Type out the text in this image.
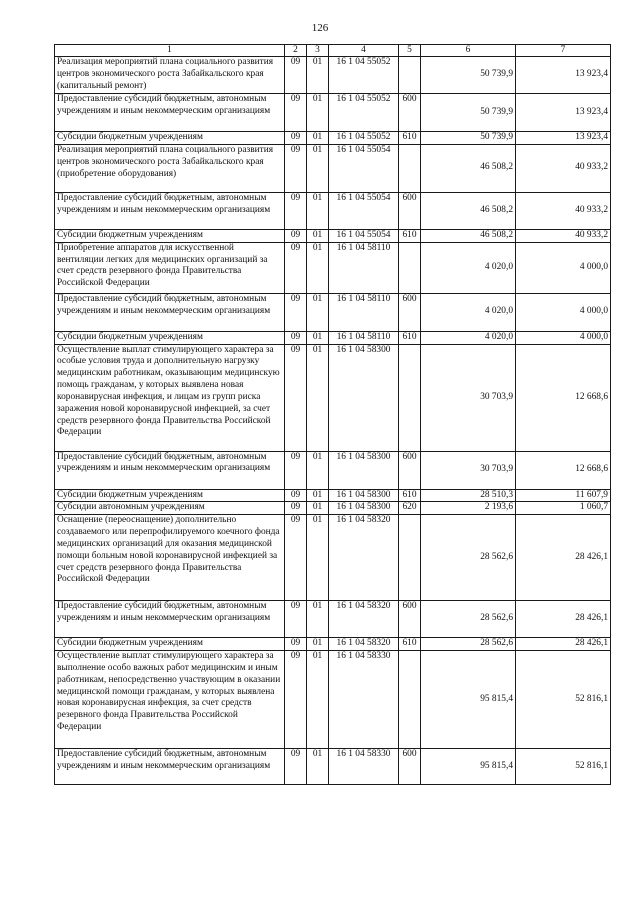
126
1	2	3	4	5	6	7
Реализация мероприятий плана социального развития центров экономического роста Забайкальского края (капитальный ремонт)	09	01	16 1 04 55052		50 739,9	13 923,4
Предоставление субсидий бюджетным, автономным учреждениям и иным некоммерческим организациям	09	01	16 1 04 55052	600	50 739,9	13 923,4
Субсидии бюджетным учреждениям	09	01	16 1 04 55052	610	50 739,9	13 923,4
Реализация мероприятий плана социального развития центров экономического роста Забайкальского края (приобретение оборудования)	09	01	16 1 04 55054		46 508,2	40 933,2
Предоставление субсидий бюджетным, автономным учреждениям и иным некоммерческим организациям	09	01	16 1 04 55054	600	46 508,2	40 933,2
Субсидии бюджетным учреждениям	09	01	16 1 04 55054	610	46 508,2	40 933,2
Приобретение аппаратов для искусственной вентиляции легких для медицинских организаций за счет средств резервного фонда Правительства Российской Федерации	09	01	16 1 04 58110		4 020,0	4 000,0
Предоставление субсидий бюджетным, автономным учреждениям и иным некоммерческим организациям	09	01	16 1 04 58110	600	4 020,0	4 000,0
Субсидии бюджетным учреждениям	09	01	16 1 04 58110	610	4 020,0	4 000,0
Осуществление выплат стимулирующего характера за особые условия труда и дополнительную нагрузку медицинским работникам, оказывающим медицинскую помощь гражданам, у которых выявлена новая коронавирусная инфекция, и лицам из групп риска заражения новой коронавирусной инфекцией, за счет средств резервного фонда Правительства Российской Федерации	09	01	16 1 04 58300		30 703,9	12 668,6
Предоставление субсидий бюджетным, автономным учреждениям и иным некоммерческим организациям	09	01	16 1 04 58300	600	30 703,9	12 668,6
Субсидии бюджетным учреждениям	09	01	16 1 04 58300	610	28 510,3	11 607,9
Субсидии автономным учреждениям	09	01	16 1 04 58300	620	2 193,6	1 060,7
Оснащение (переоснащение) дополнительно создаваемого или перепрофилируемого коечного фонда медицинских организаций для оказания медицинской помощи больным новой коронавирусной инфекцией за счет средств резервного фонда Правительства Российской Федерации	09	01	16 1 04 58320		28 562,6	28 426,1
Предоставление субсидий бюджетным, автономным учреждениям и иным некоммерческим организациям	09	01	16 1 04 58320	600	28 562,6	28 426,1
Субсидии бюджетным учреждениям	09	01	16 1 04 58320	610	28 562,6	28 426,1
Осуществление выплат стимулирующего характера за выполнение особо важных работ медицинским и иным работникам, непосредственно участвующим в оказании медицинской помощи гражданам, у которых выявлена новая коронавирусная инфекция, за счет средств резервного фонда Правительства Российской Федерации	09	01	16 1 04 58330		95 815,4	52 816,1
Предоставление субсидий бюджетным, автономным учреждениям и иным некоммерческим организациям	09	01	16 1 04 58330	600	95 815,4	52 816,1
